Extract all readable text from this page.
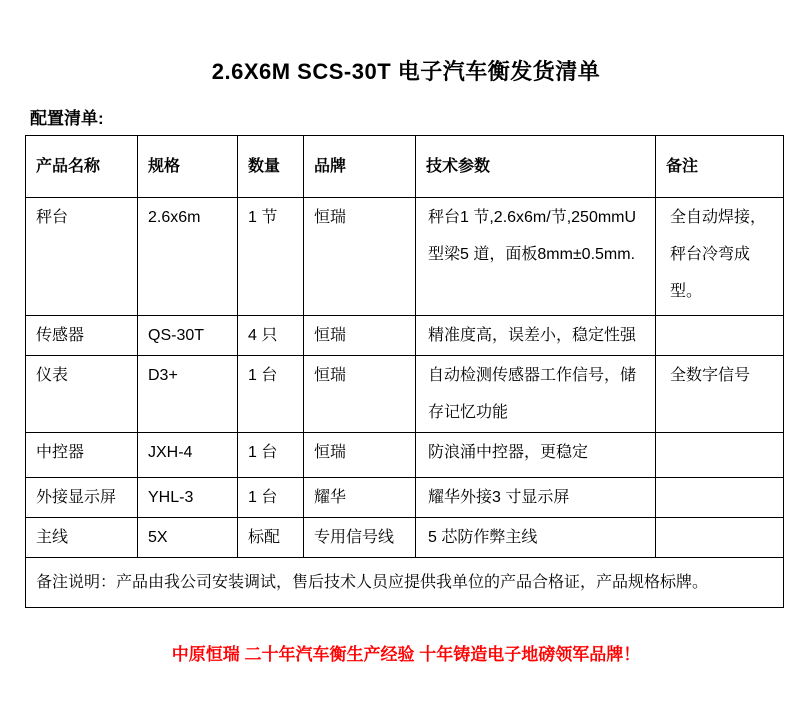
2.6X6M SCS-30T 电子汽车衡发货清单
配置清单:
产品名称	规格	数量	品牌	技术参数	备注
秤台	2.6x6m	1 节	恒瑞	秤台1 节,2.6x6m/节,250mmU型梁5 道，面板8mm±0.5mm.	全自动焊接，秤台冷弯成型。
传感器	QS-30T	4 只	恒瑞	精准度高，误差小，稳定性强	
仪表	D3+	1 台	恒瑞	自动检测传感器工作信号，储存记忆功能	全数字信号
中控器	JXH-4	1 台	恒瑞	防浪涌中控器，更稳定	
外接显示屏	YHL-3	1 台	耀华	耀华外接3 寸显示屏	
主线	5X	标配	专用信号线	5 芯防作弊主线	
备注说明：产品由我公司安装调试，售后技术人员应提供我单位的产品合格证，产品规格标牌。					
中原恒瑞 二十年汽车衡生产经验 十年铸造电子地磅领军品牌！
